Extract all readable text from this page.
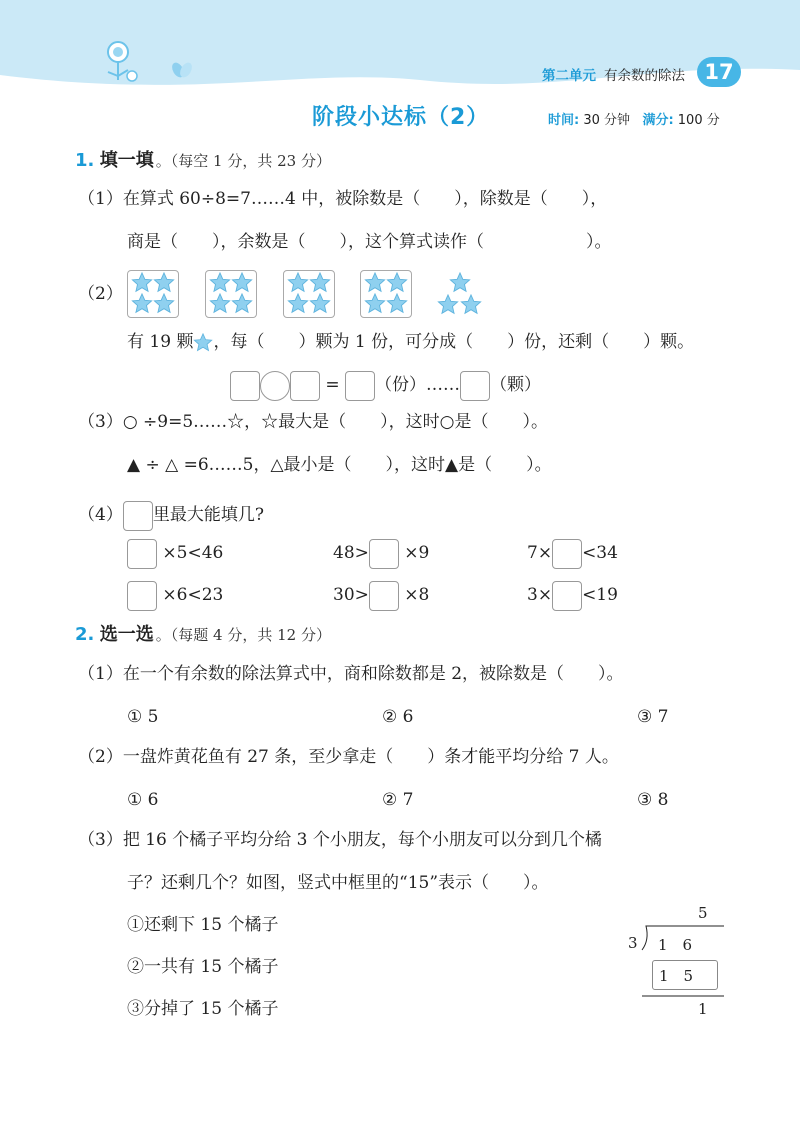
第二单元 有余数的除法 17
阶段小达标（2）	时间: 30 分钟 满分: 100 分
1. 填一填 。（每空 1 分，共 23 分）
（1）在算式 60÷8=7……4 中，被除数是（　　），除数是（　　），
商是（　　），余数是（　　），这个算式读作（　　　　　　）。
（2）
有 19 颗 ，每（　　）颗为 1 份，可分成（　　）份，还剩（　　）颗。
= （份）…… （颗）
（3）○ ÷9=5……☆，☆最大是（　　），这时○是（　　）。
▲ ÷ △ =6……5，△最小是（　　），这时▲是（　　）。
（4） 里最大能填几?
×5<46	48> ×9	7× <34
×6<23	30> ×8	3× <19
2. 选一选 。（每题 4 分，共 12 分）
（1）在一个有余数的除法算式中，商和除数都是 2，被除数是（　　）。
① 5	② 6	③ 7
（2）一盘炸黄花鱼有 27 条，至少拿走（　　）条才能平均分给 7 人。
① 6	② 7	③ 8
（3）把 16 个橘子平均分给 3 个小朋友，每个小朋友可以分到几个橘
子？还剩几个？如图，竖式中框里的“15”表示（　　）。
①还剩下 15 个橘子
②一共有 15 个橘子
③分掉了 15 个橘子
5
3 1　6
1　5
1
